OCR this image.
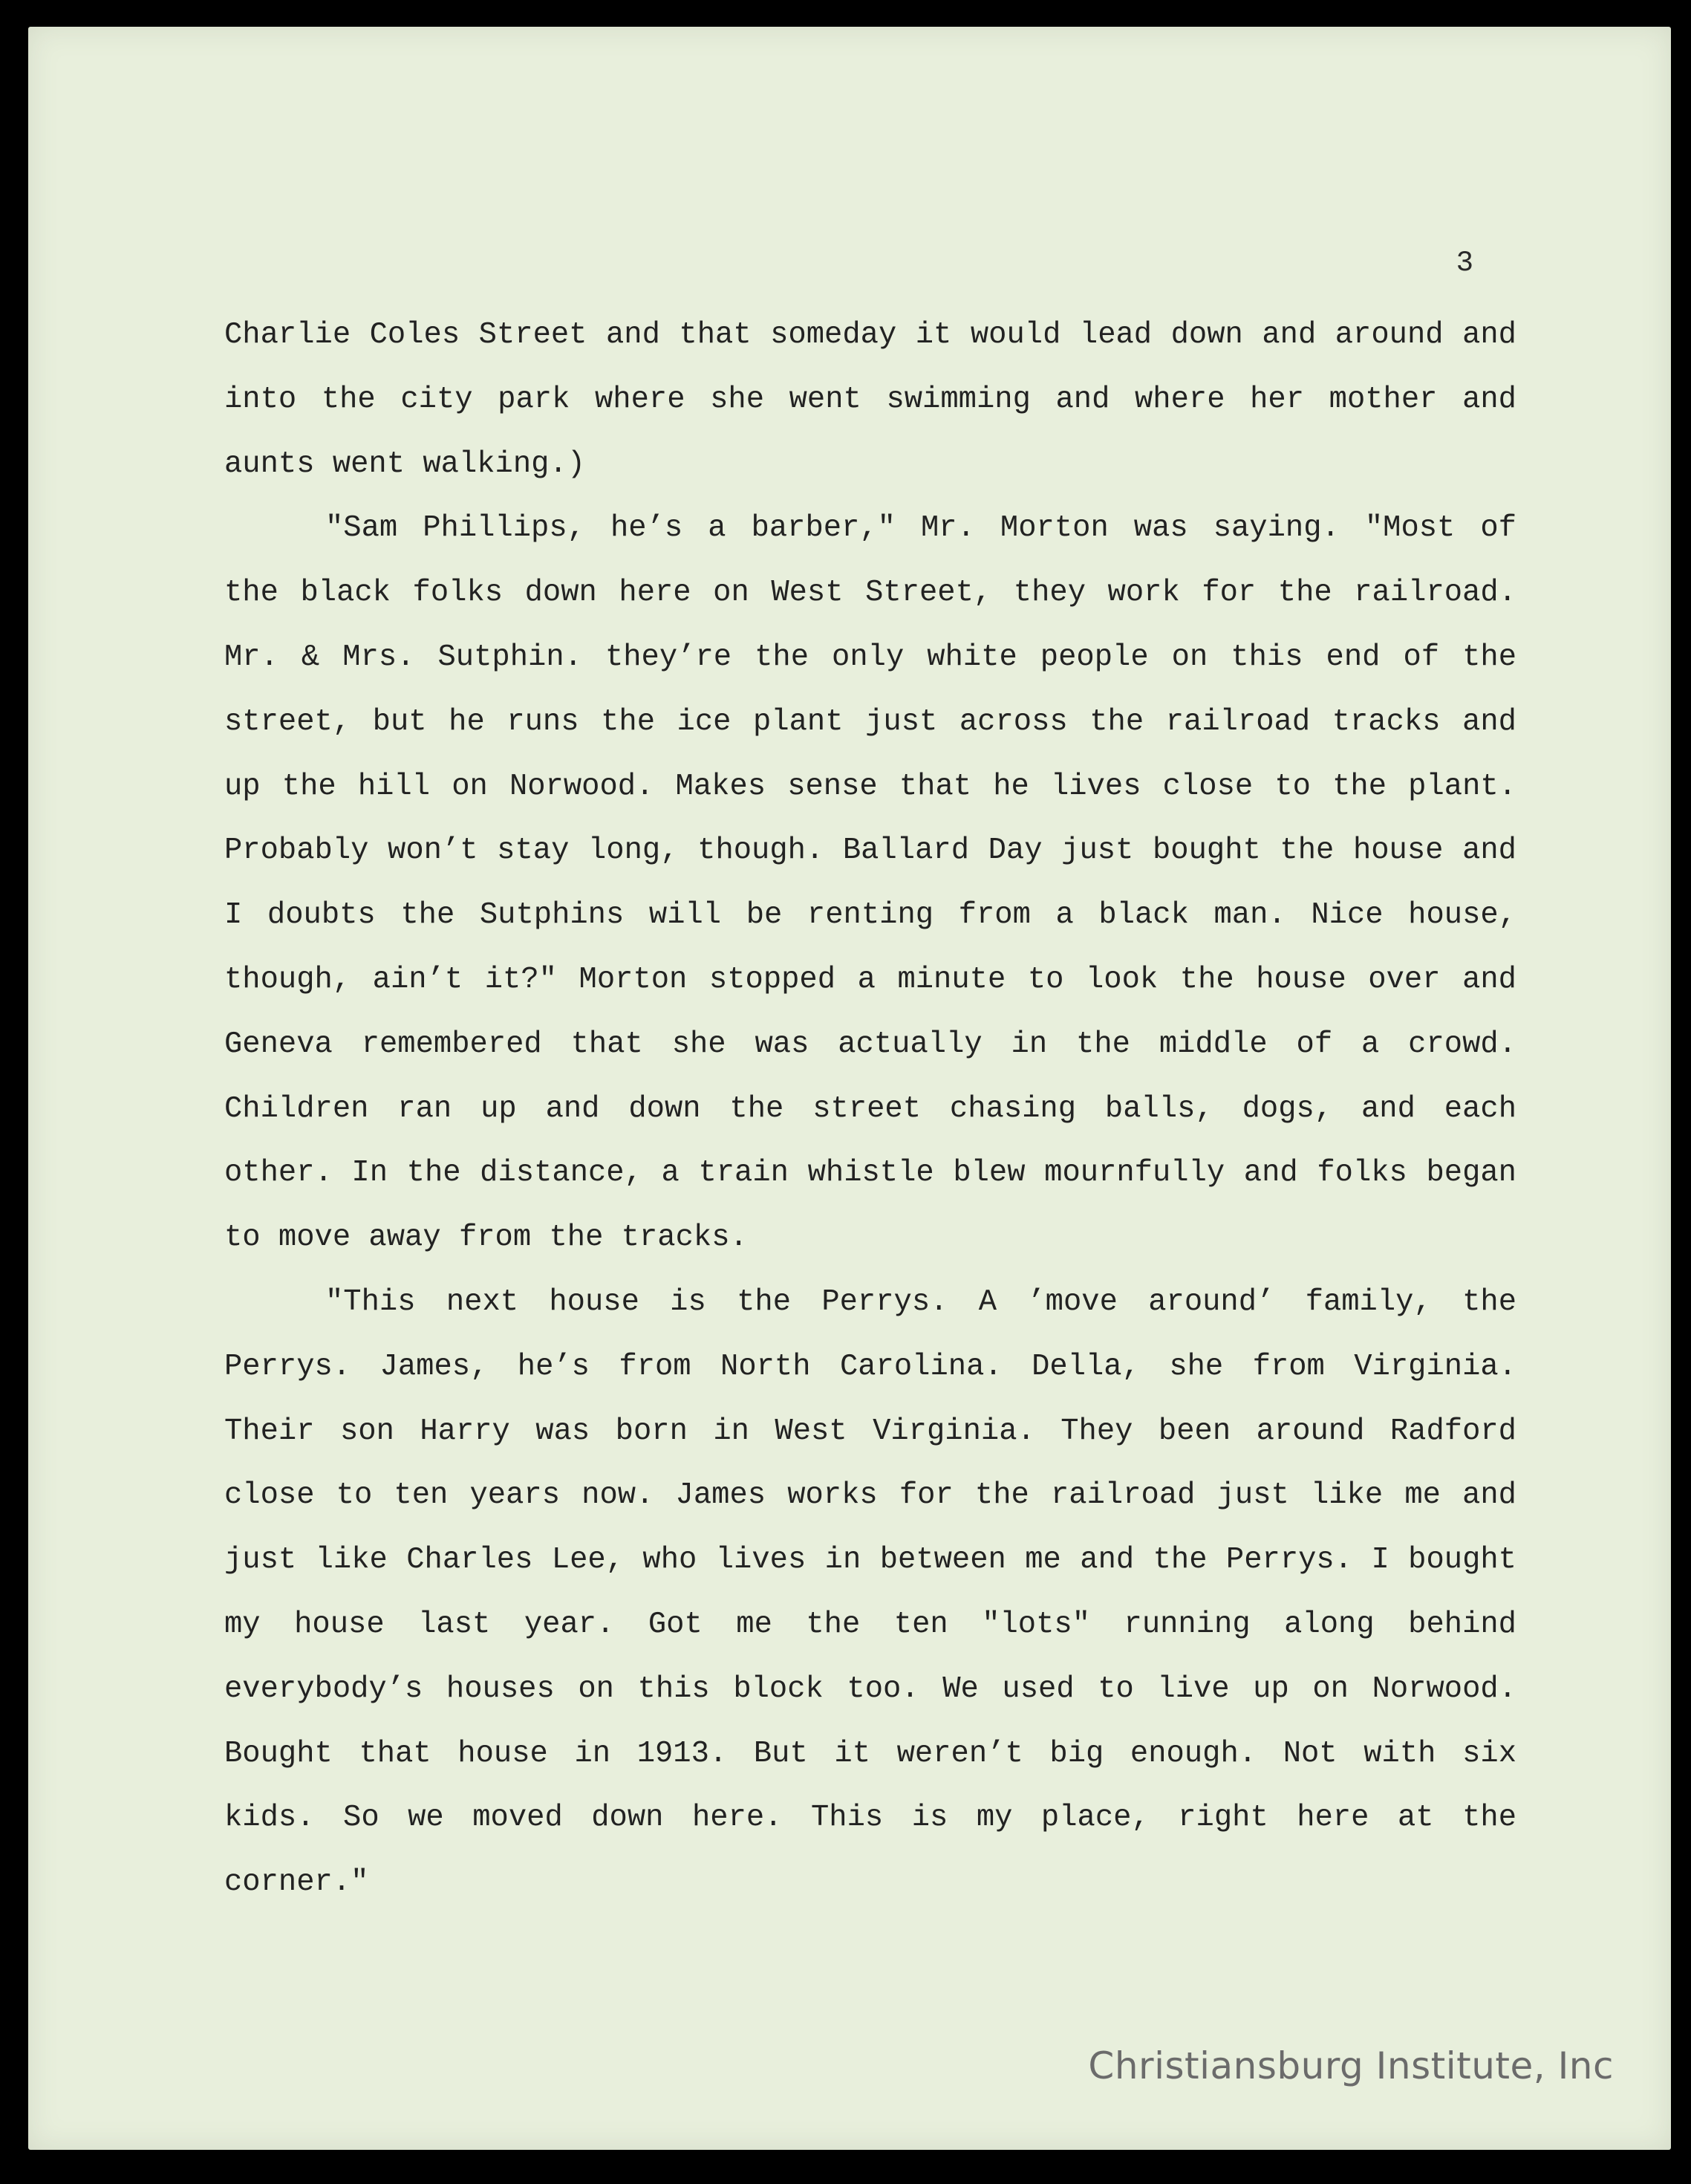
3

Charlie Coles Street and that someday it would lead down and around and into the city park where she went swimming and where her mother and aunts went walking.)

"Sam Phillips, he’s a barber," Mr. Morton was saying. "Most of the black folks down here on West Street, they work for the railroad. Mr. & Mrs. Sutphin. they’re the only white people on this end of the street, but he runs the ice plant just across the railroad tracks and up the hill on Norwood. Makes sense that he lives close to the plant. Probably won’t stay long, though. Ballard Day just bought the house and I doubts the Sutphins will be renting from a black man. Nice house, though, ain’t it?" Morton stopped a minute to look the house over and Geneva remembered that she was actually in the middle of a crowd. Children ran up and down the street chasing balls, dogs, and each other. In the distance, a train whistle blew mournfully and folks began to move away from the tracks.

"This next house is the Perrys. A ’move around’ family, the Perrys. James, he’s from North Carolina. Della, she from Virginia. Their son Harry was born in West Virginia. They been around Radford close to ten years now. James works for the railroad just like me and just like Charles Lee, who lives in between me and the Perrys. I bought my house last year. Got me the ten "lots" running along behind everybody’s houses on this block too. We used to live up on Norwood. Bought that house in 1913. But it weren’t big enough. Not with six kids. So we moved down here. This is my place, right here at the corner."

Christiansburg Institute, Inc
